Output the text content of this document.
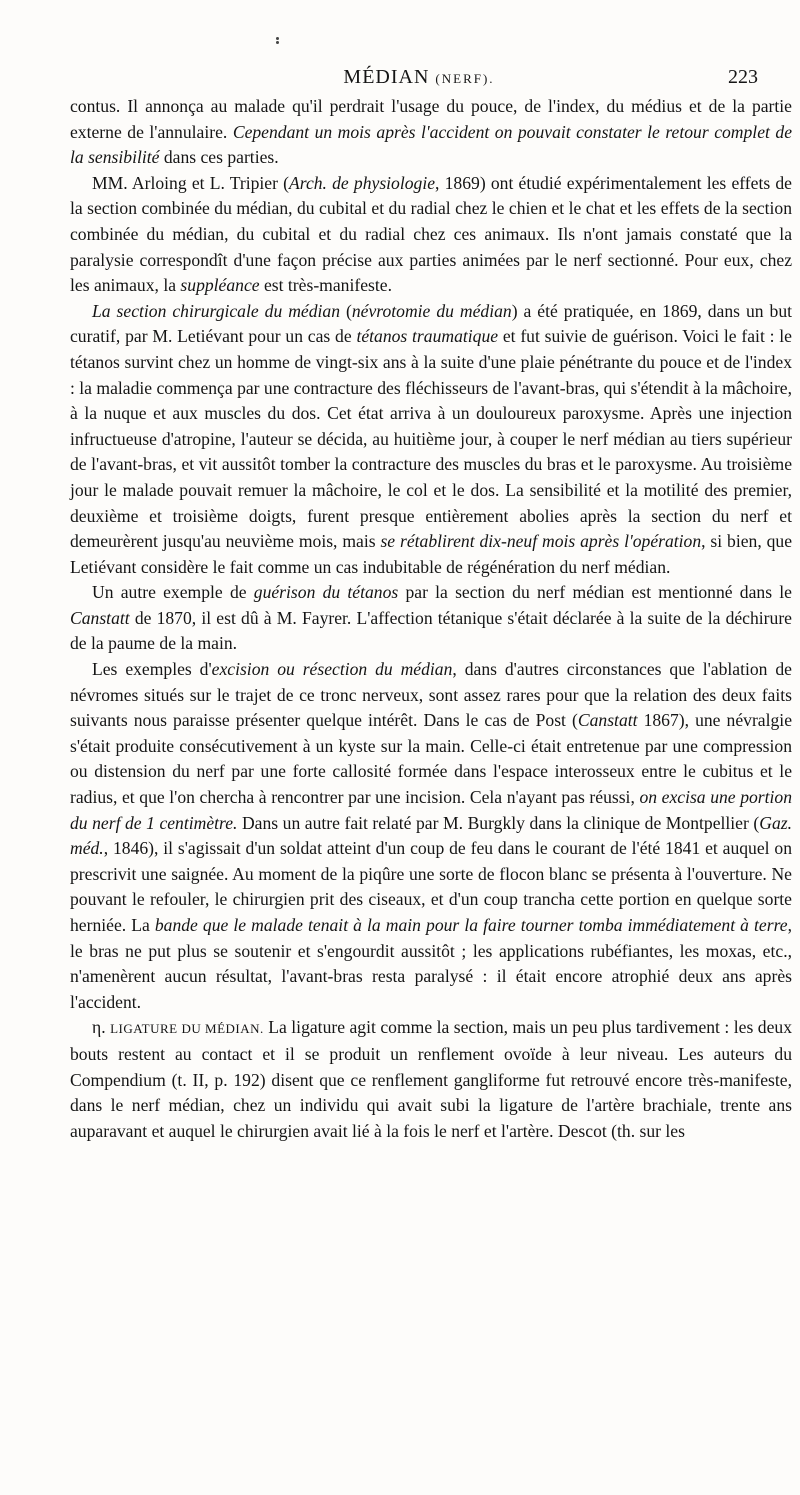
MÉDIAN (NERF).	223

contus. Il annonça au malade qu'il perdrait l'usage du pouce, de l'index, du médius et de la partie externe de l'annulaire. Cependant un mois après l'accident on pouvait constater le retour complet de la sensibilité dans ces parties.

MM. Arloing et L. Tripier (Arch. de physiologie, 1869) ont étudié expérimentalement les effets de la section combinée du médian, du cubital et du radial chez le chien et le chat et les effets de la section combinée du médian, du cubital et du radial chez ces animaux. Ils n'ont jamais constaté que la paralysie correspondît d'une façon précise aux parties animées par le nerf sectionné. Pour eux, chez les animaux, la suppléance est très-manifeste.

La section chirurgicale du médian (névrotomie du médian) a été pratiquée, en 1869, dans un but curatif, par M. Letiévant pour un cas de tétanos traumatique et fut suivie de guérison. Voici le fait : le tétanos survint chez un homme de vingt-six ans à la suite d'une plaie pénétrante du pouce et de l'index : la maladie commença par une contracture des fléchisseurs de l'avant-bras, qui s'étendit à la mâchoire, à la nuque et aux muscles du dos. Cet état arriva à un douloureux paroxysme. Après une injection infructueuse d'atropine, l'auteur se décida, au huitième jour, à couper le nerf médian au tiers supérieur de l'avant-bras, et vit aussitôt tomber la contracture des muscles du bras et le paroxysme. Au troisième jour le malade pouvait remuer la mâchoire, le col et le dos. La sensibilité et la motilité des premier, deuxième et troisième doigts, furent presque entièrement abolies après la section du nerf et demeurèrent jusqu'au neuvième mois, mais se rétablirent dix-neuf mois après l'opération, si bien, que Letiévant considère le fait comme un cas indubitable de régénération du nerf médian.

Un autre exemple de guérison du tétanos par la section du nerf médian est mentionné dans le Canstatt de 1870, il est dû à M. Fayrer. L'affection tétanique s'était déclarée à la suite de la déchirure de la paume de la main.

Les exemples d'excision ou résection du médian, dans d'autres circonstances que l'ablation de névromes situés sur le trajet de ce tronc nerveux, sont assez rares pour que la relation des deux faits suivants nous paraisse présenter quelque intérêt. Dans le cas de Post (Canstatt 1867), une névralgie s'était produite consécutivement à un kyste sur la main. Celle-ci était entretenue par une compression ou distension du nerf par une forte callosité formée dans l'espace interosseux entre le cubitus et le radius, et que l'on chercha à rencontrer par une incision. Cela n'ayant pas réussi, on excisa une portion du nerf de 1 centimètre. Dans un autre fait relaté par M. Burgkly dans la clinique de Montpellier (Gaz. méd., 1846), il s'agissait d'un soldat atteint d'un coup de feu dans le courant de l'été 1841 et auquel on prescrivit une saignée. Au moment de la piqûre une sorte de flocon blanc se présenta à l'ouverture. Ne pouvant le refouler, le chirurgien prit des ciseaux, et d'un coup trancha cette portion en quelque sorte herniée. La bande que le malade tenait à la main pour la faire tourner tomba immédiatement à terre, le bras ne put plus se soutenir et s'engourdit aussitôt ; les applications rubéfiantes, les moxas, etc., n'amenèrent aucun résultat, l'avant-bras resta paralysé : il était encore atrophié deux ans après l'accident.

η. LIGATURE DU MÉDIAN. La ligature agit comme la section, mais un peu plus tardivement : les deux bouts restent au contact et il se produit un renflement ovoïde à leur niveau. Les auteurs du Compendium (t. II, p. 192) disent que ce renflement gangliforme fut retrouvé encore très-manifeste, dans le nerf médian, chez un individu qui avait subi la ligature de l'artère brachiale, trente ans auparavant et auquel le chirurgien avait lié à la fois le nerf et l'artère. Descot (th. sur les
